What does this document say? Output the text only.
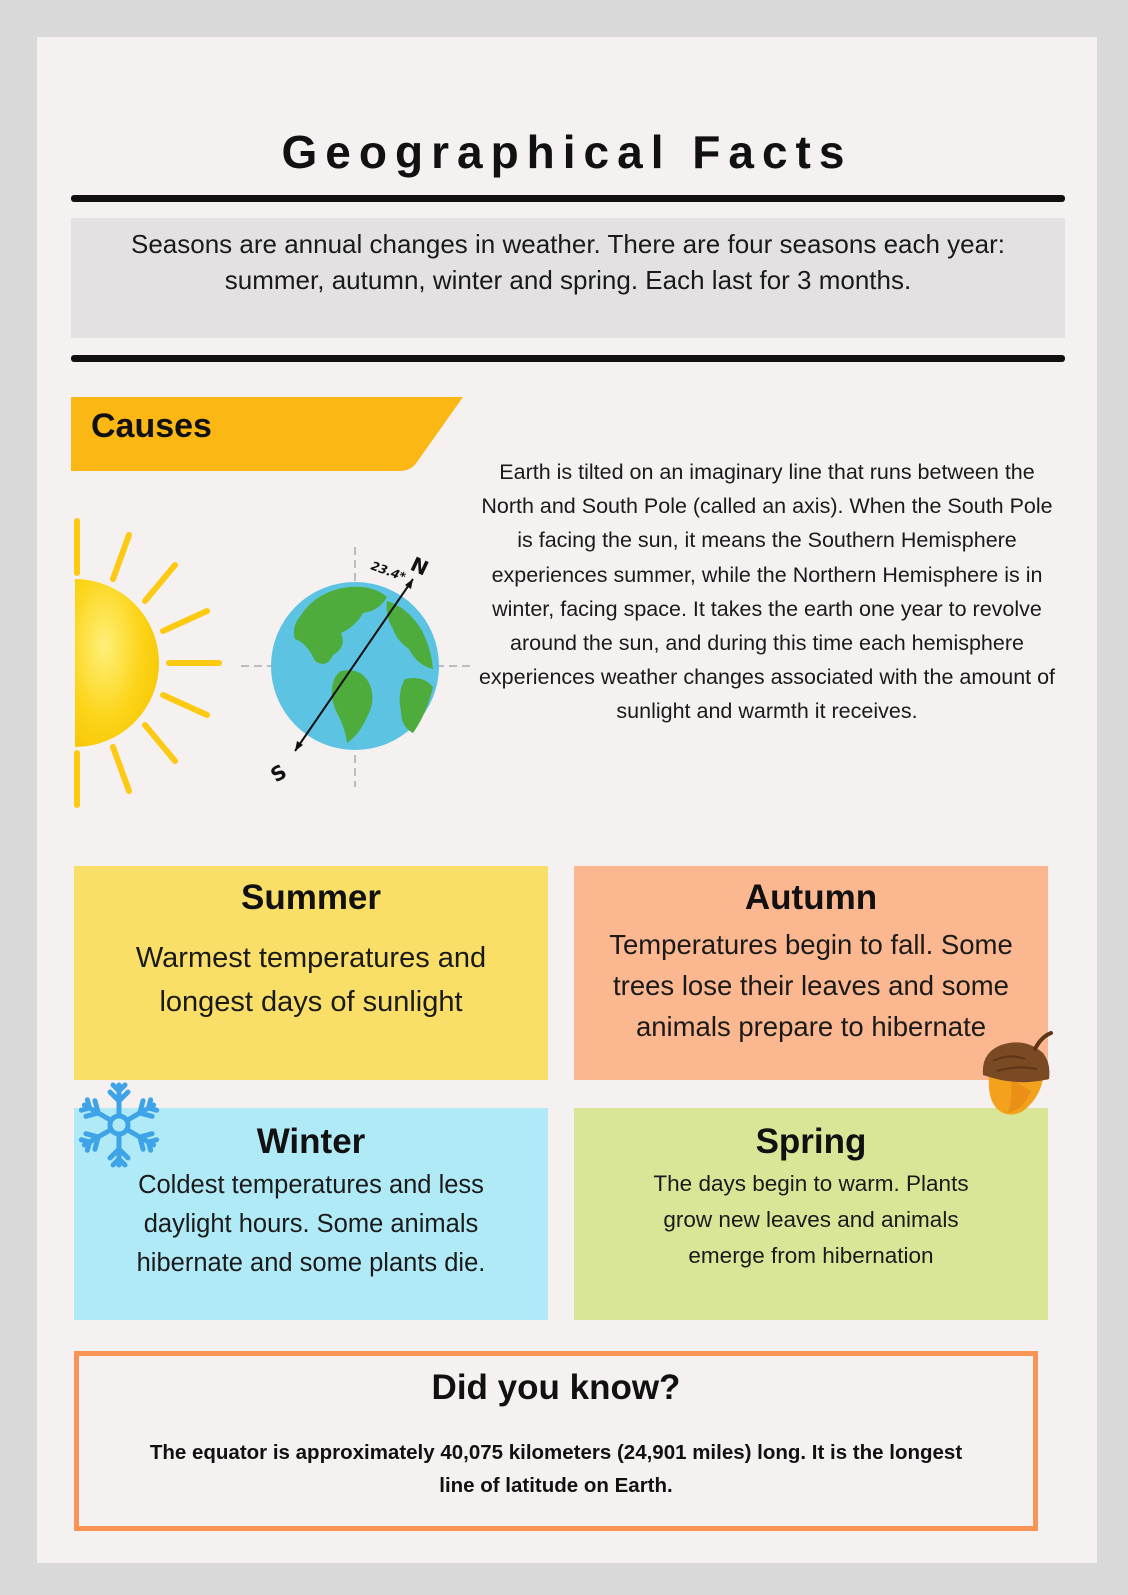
Geographical Facts
Seasons are annual changes in weather. There are four seasons each year: summer, autumn, winter and spring. Each last for 3 months.
Causes
N
23.4*
S
Earth is tilted on an imaginary line that runs between the North and South Pole (called an axis). When the South Pole is facing the sun, it means the Southern Hemisphere experiences summer, while the Northern Hemisphere is in winter, facing space. It takes the earth one year to revolve around the sun, and during this time each hemisphere experiences weather changes associated with the amount of sunlight and warmth it receives.
Summer
Warmest temperatures and longest days of sunlight
Autumn
Temperatures begin to fall. Some trees lose their leaves and some animals prepare to hibernate
Winter
Coldest temperatures and less daylight hours. Some animals hibernate and some plants die.
Spring
The days begin to warm. Plants grow new leaves and animals emerge from hibernation
Did you know?
The equator is approximately 40,075 kilometers (24,901 miles) long. It is the longest line of latitude on Earth.
